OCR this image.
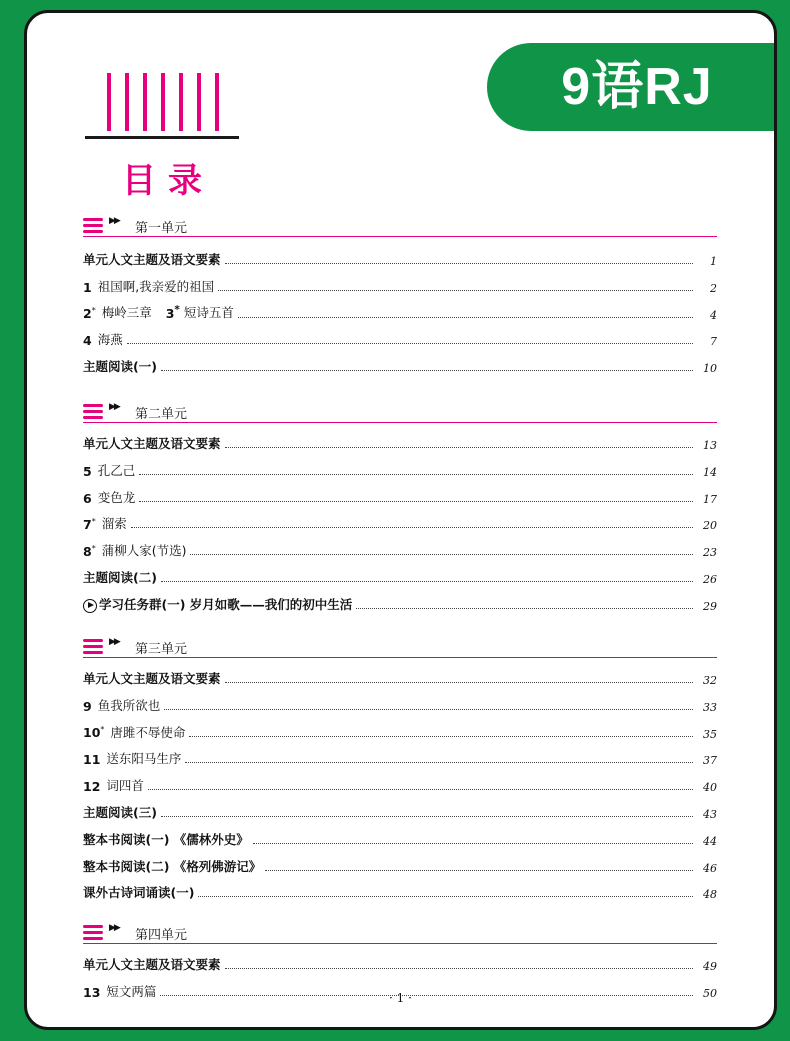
9语RJ
目录
▶▶ 第一单元
单元人文主题及语文要素	1
1 祖国啊,我亲爱的祖国	2
2* 梅岭三章 3* 短诗五首	4
4 海燕	7
主题阅读(一)	10
▶▶ 第二单元
单元人文主题及语文要素	13
5 孔乙己	14
6 变色龙	17
7* 溜索	20
8* 蒲柳人家(节选)	23
主题阅读(二)	26
学习任务群(一) 岁月如歌——我们的初中生活	29
▶▶ 第三单元
单元人文主题及语文要素	32
9 鱼我所欲也	33
10* 唐雎不辱使命	35
11 送东阳马生序	37
12 词四首	40
主题阅读(三)	43
整本书阅读(一) 《儒林外史》	44
整本书阅读(二) 《格列佛游记》	46
课外古诗词诵读(一)	48
▶▶ 第四单元
单元人文主题及语文要素	49
13 短文两篇	50
· 1 ·
